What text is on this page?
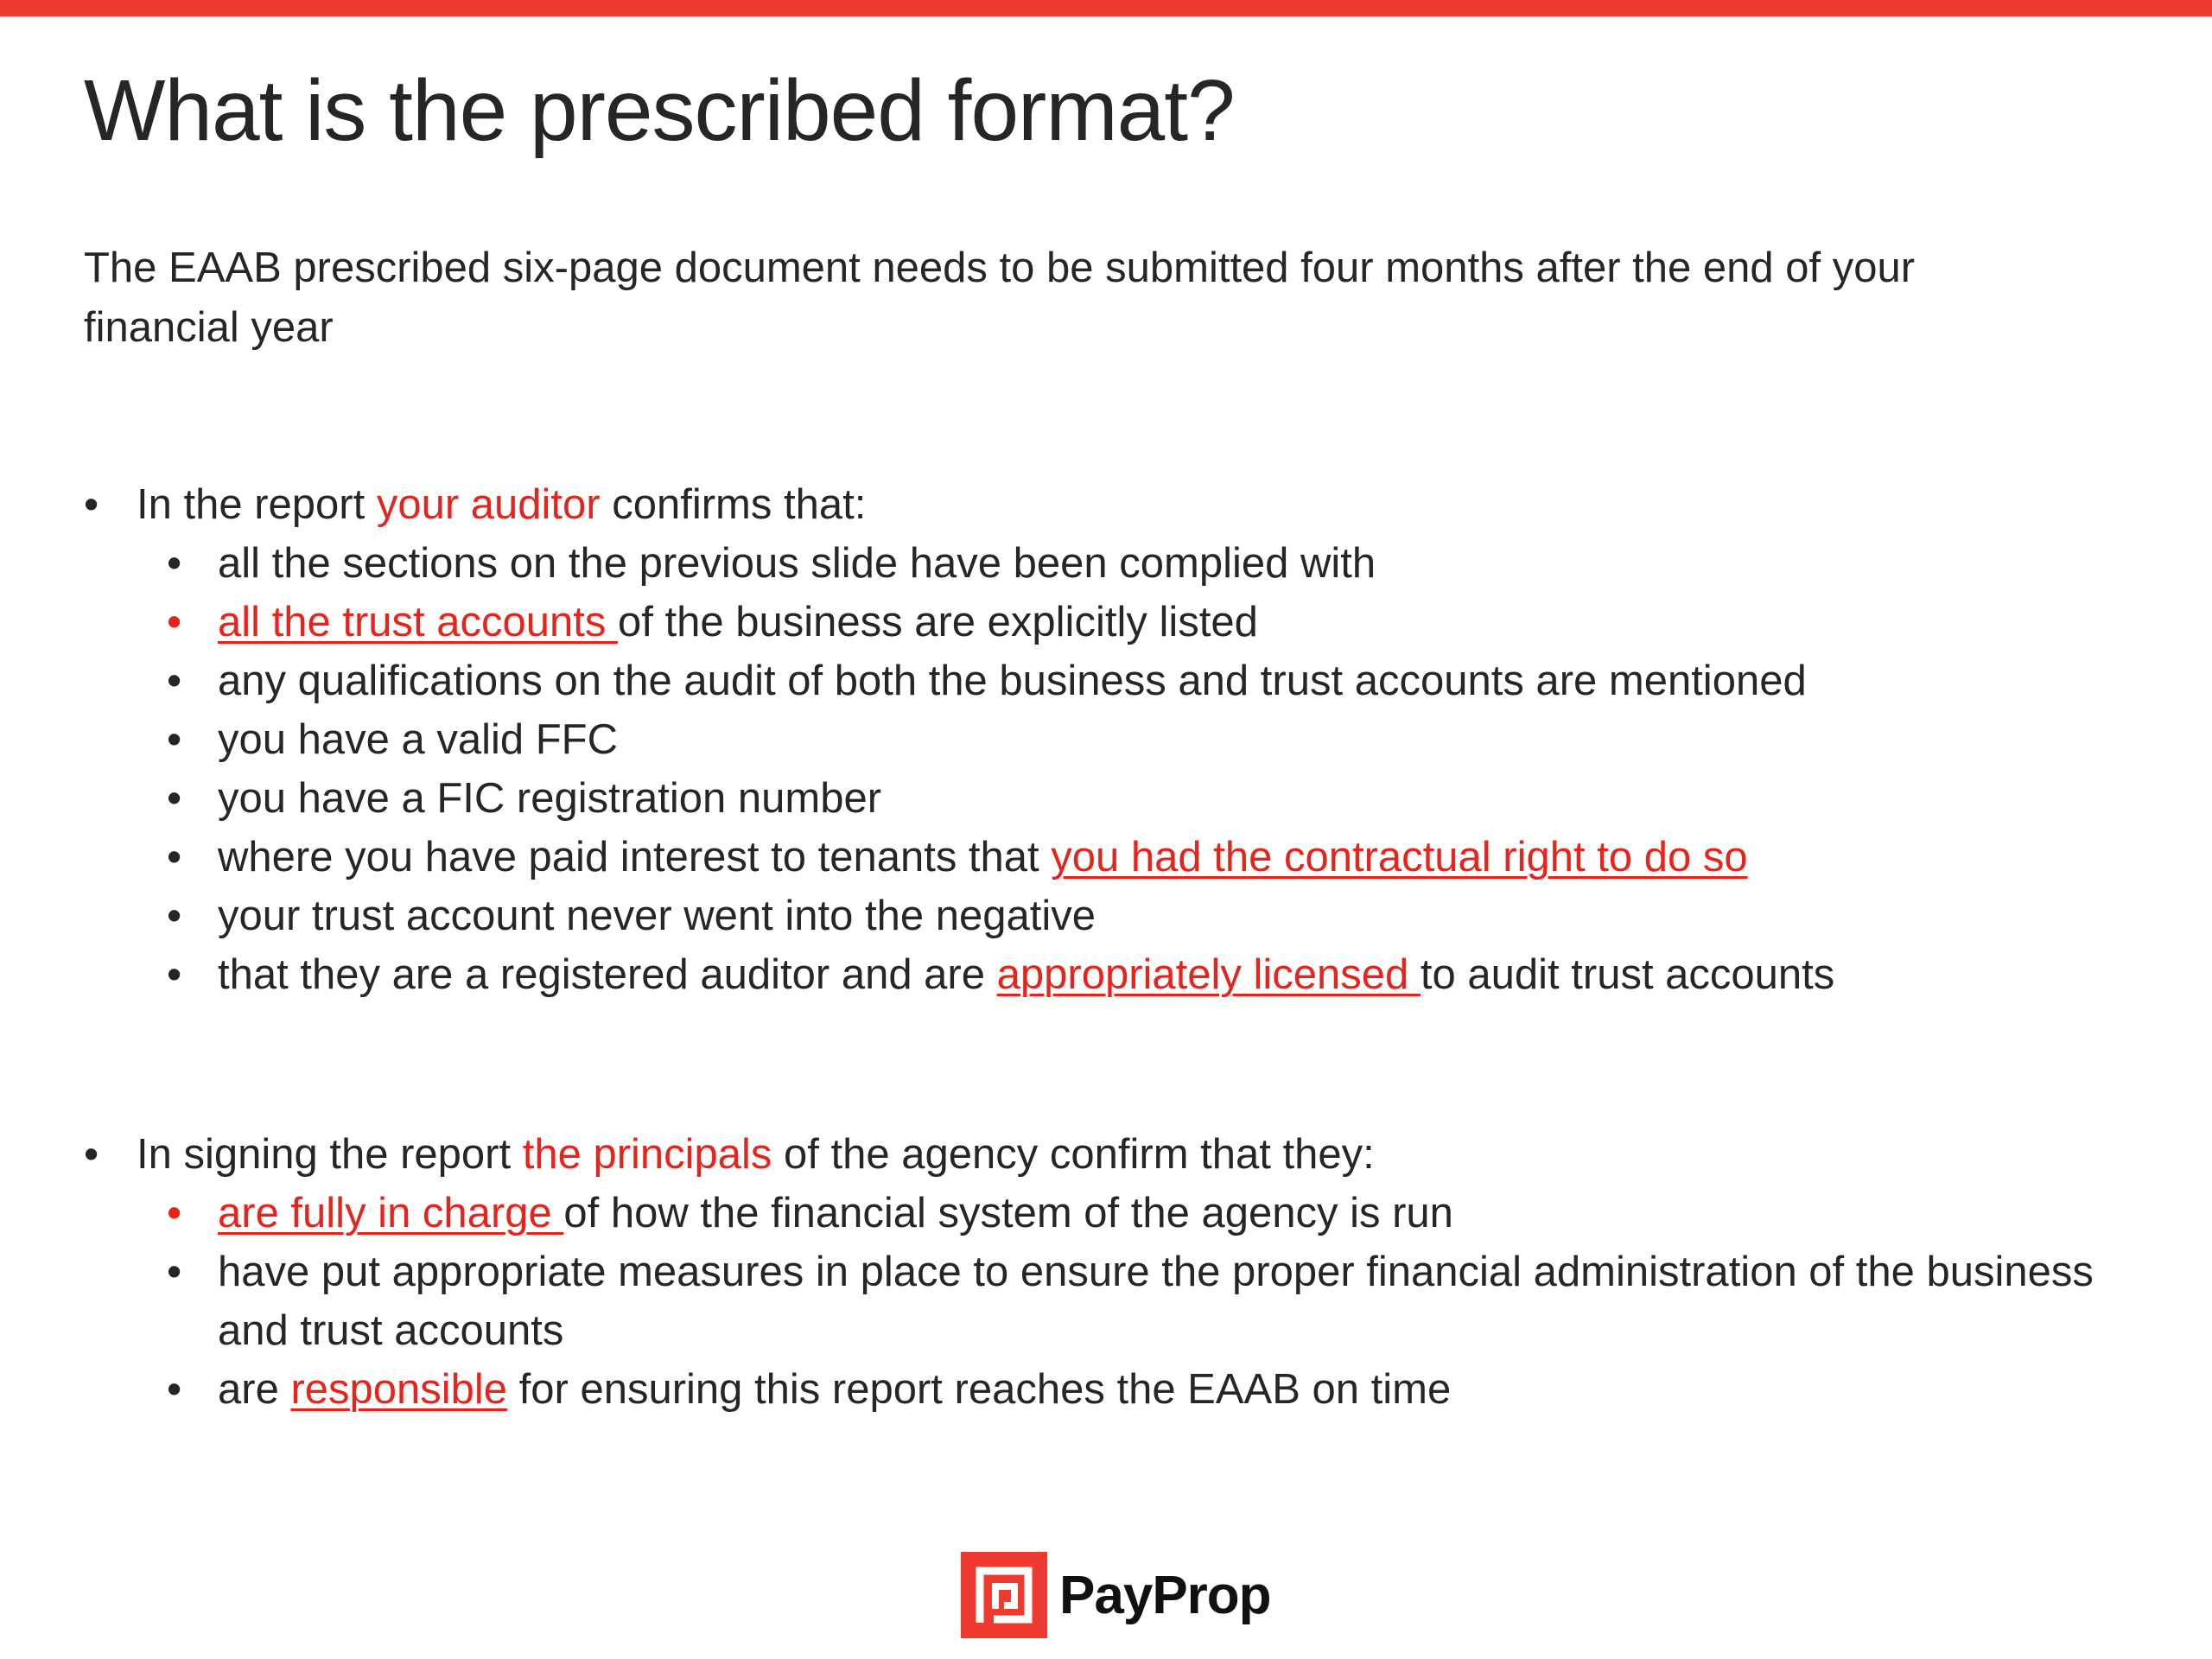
What is the prescribed format?

The EAAB prescribed six-page document needs to be submitted four months after the end of your financial year

• In the report your auditor confirms that:
• all the sections on the previous slide have been complied with
• all the trust accounts of the business are explicitly listed
• any qualifications on the audit of both the business and trust accounts are mentioned
• you have a valid FFC
• you have a FIC registration number
• where you have paid interest to tenants that you had the contractual right to do so
• your trust account never went into the negative
• that they are a registered auditor and are appropriately licensed to audit trust accounts
• In signing the report the principals of the agency confirm that they:
• are fully in charge of how the financial system of the agency is run
• have put appropriate measures in place to ensure the proper financial administration of the business and trust accounts
• are responsible for ensuring this report reaches the EAAB on time
PayProp
